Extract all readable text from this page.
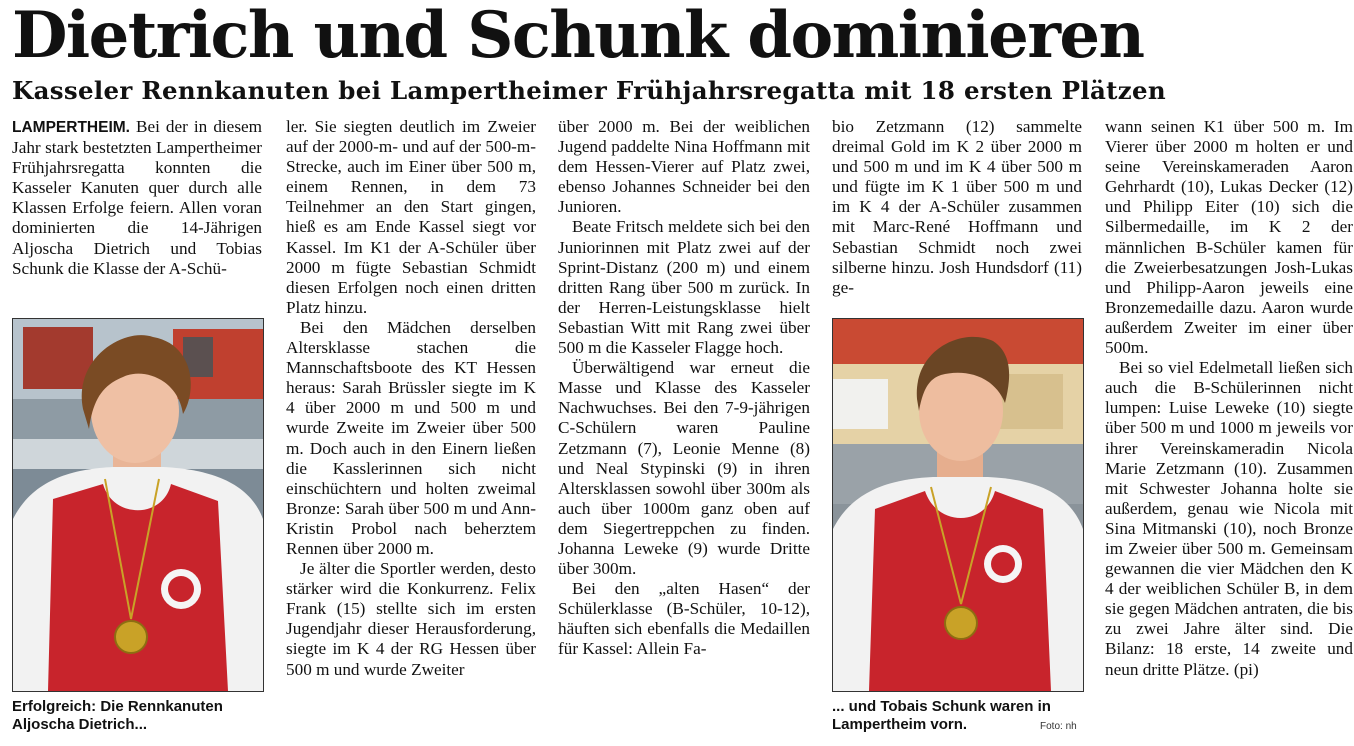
Dietrich und Schunk dominieren
Kasseler Rennkanuten bei Lampertheimer Frühjahrsregatta mit 18 ersten Plätzen

LAMPERTHEIM. Bei der in diesem Jahr stark bestetzten Lampertheimer Frühjahrsregatta konnten die Kasseler Kanuten quer durch alle Klassen Erfolge feiern. Allen voran dominierten die 14-Jährigen Aljoscha Dietrich und Tobias Schunk die Klasse der A-Schü-

ler. Sie siegten deutlich im Zweier auf der 2000-m- und auf der 500-m-Strecke, auch im Einer über 500 m, einem Rennen, in dem 73 Teilnehmer an den Start gingen, hieß es am Ende Kassel siegt vor Kassel. Im K1 der A-Schüler über 2000 m fügte Sebastian Schmidt diesen Erfolgen noch einen dritten Platz hinzu.

Bei den Mädchen derselben Altersklasse stachen die Mannschaftsboote des KT Hessen heraus: Sarah Brüssler siegte im K 4 über 2000 m und 500 m und wurde Zweite im Zweier über 500 m. Doch auch in den Einern ließen die Kasslerinnen sich nicht einschüchtern und holten zweimal Bronze: Sarah über 500 m und Ann-Kristin Probol nach beherztem Rennen über 2000 m.

Je älter die Sportler werden, desto stärker wird die Konkurrenz. Felix Frank (15) stellte sich im ersten Jugendjahr dieser Herausforderung, siegte im K 4 der RG Hessen über 500 m und wurde Zweiter

über 2000 m. Bei der weiblichen Jugend paddelte Nina Hoffmann mit dem Hessen-Vierer auf Platz zwei, ebenso Johannes Schneider bei den Junioren.

Beate Fritsch meldete sich bei den Juniorinnen mit Platz zwei auf der Sprint-Distanz (200 m) und einem dritten Rang über 500 m zurück. In der Herren-Leistungsklasse hielt Sebastian Witt mit Rang zwei über 500 m die Kasseler Flagge hoch.

Überwältigend war erneut die Masse und Klasse des Kasseler Nachwuchses. Bei den 7-9-jährigen C-Schülern waren Pauline Zetzmann (7), Leonie Menne (8) und Neal Stypinski (9) in ihren Altersklassen sowohl über 300m als auch über 1000m ganz oben auf dem Siegertreppchen zu finden. Johanna Leweke (9) wurde Dritte über 300m.

Bei den „alten Hasen“ der Schülerklasse (B-Schüler, 10-12), häuften sich ebenfalls die Medaillen für Kassel: Allein Fa-

bio Zetzmann (12) sammelte dreimal Gold im K 2 über 2000 m und 500 m und im K 4 über 500 m und fügte im K 1 über 500 m und im K 4 der A-Schüler zusammen mit Marc-René Hoffmann und Sebastian Schmidt noch zwei silberne hinzu. Josh Hundsdorf (11) ge-

wann seinen K1 über 500 m. Im Vierer über 2000 m holten er und seine Vereinskameraden Aaron Gehrhardt (10), Lukas Decker (12) und Philipp Eiter (10) sich die Silbermedaille, im K 2 der männlichen B-Schüler kamen für die Zweierbesatzungen Josh-Lukas und Philipp-Aaron jeweils eine Bronzemedaille dazu. Aaron wurde außerdem Zweiter im einer über 500m.

Bei so viel Edelmetall ließen sich auch die B-Schülerinnen nicht lumpen: Luise Leweke (10) siegte über 500 m und 1000 m jeweils vor ihrer Vereinskameradin Nicola Marie Zetzmann (10). Zusammen mit Schwester Johanna holte sie außerdem, genau wie Nicola mit Sina Mitmanski (10), noch Bronze im Zweier über 500 m. Gemeinsam gewannen die vier Mädchen den K 4 der weiblichen Schüler B, in dem sie gegen Mädchen antraten, die bis zu zwei Jahre älter sind. Die Bilanz: 18 erste, 14 zweite und neun dritte Plätze. (pi)

Erfolgreich: Die Rennkanuten Aljoscha Dietrich...

... und Tobais Schunk waren in Lampertheim vorn.	Foto: nh
